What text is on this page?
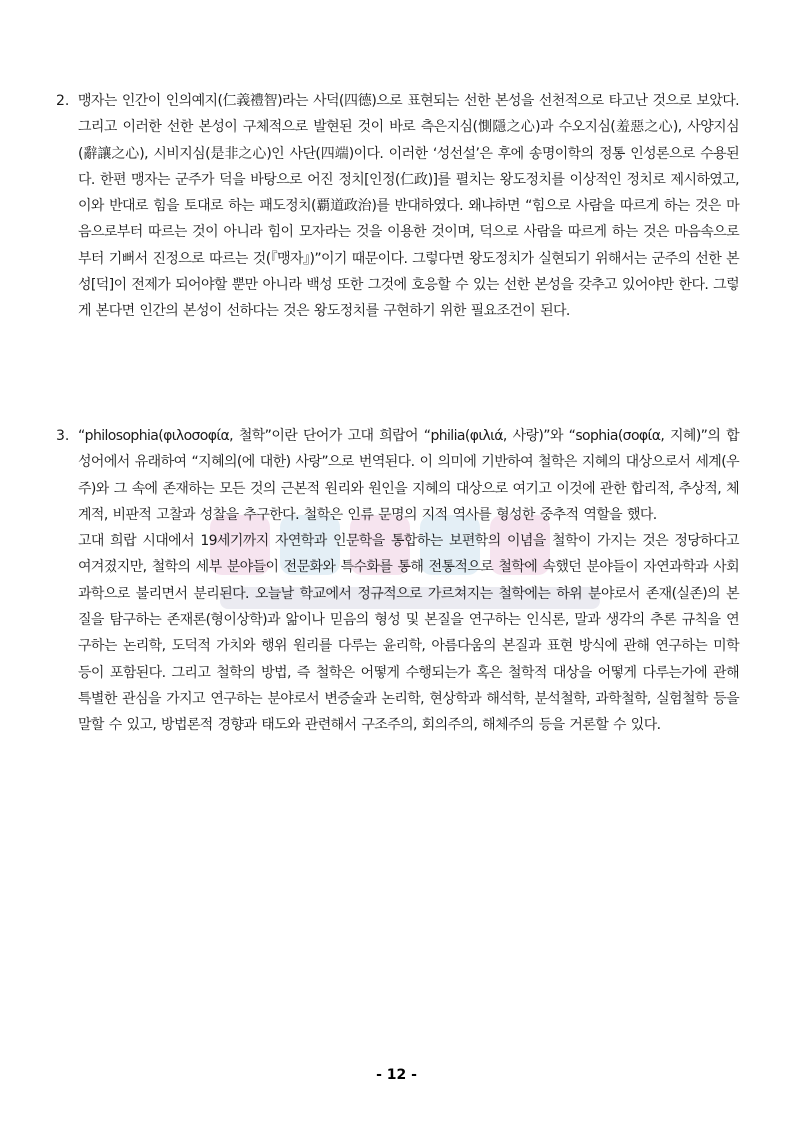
2. 맹자는 인간이 인의예지(仁義禮智)라는 사덕(四德)으로 표현되는 선한 본성을 선천적으로 타고난 것으로 보았다. 그리고 이러한 선한 본성이 구체적으로 발현된 것이 바로 측은지심(惻隱之心)과 수오지심(羞惡之心), 사양지심(辭讓之心), 시비지심(是非之心)인 사단(四端)이다. 이러한 ‘성선설’은 후에 송명이학의 정통 인성론으로 수용된다. 한편 맹자는 군주가 덕을 바탕으로 어진 정치[인정(仁政)]를 펼치는 왕도정치를 이상적인 정치로 제시하였고, 이와 반대로 힘을 토대로 하는 패도정치(覇道政治)를 반대하였다. 왜냐하면 “힘으로 사람을 따르게 하는 것은 마음으로부터 따르는 것이 아니라 힘이 모자라는 것을 이용한 것이며, 덕으로 사람을 따르게 하는 것은 마음속으로부터 기뻐서 진정으로 따르는 것(『맹자』)”이기 때문이다. 그렇다면 왕도정치가 실현되기 위해서는 군주의 선한 본성[덕]이 전제가 되어야할 뿐만 아니라 백성 또한 그것에 호응할 수 있는 선한 본성을 갖추고 있어야만 한다. 그렇게 본다면 인간의 본성이 선하다는 것은 왕도정치를 구현하기 위한 필요조건이 된다.

3. “philosophia(φιλοσοφία, 철학”이란 단어가 고대 희랍어 “philia(φιλιά, 사랑)”와 “sophia(σοφία, 지혜)”의 합성어에서 유래하여 “지혜의(에 대한) 사랑”으로 번역된다. 이 의미에 기반하여 철학은 지혜의 대상으로서 세계(우주)와 그 속에 존재하는 모든 것의 근본적 원리와 원인을 지혜의 대상으로 여기고 이것에 관한 합리적, 추상적, 체계적, 비판적 고찰과 성찰을 추구한다. 철학은 인류 문명의 지적 역사를 형성한 중추적 역할을 했다.

고대 희랍 시대에서 19세기까지 자연학과 인문학을 통합하는 보편학의 이념을 철학이 가지는 것은 정당하다고 여겨졌지만, 철학의 세부 분야들이 전문화와 특수화를 통해 전통적으로 철학에 속했던 분야들이 자연과학과 사회과학으로 불리면서 분리된다. 오늘날 학교에서 정규적으로 가르쳐지는 철학에는 하위 분야로서 존재(실존)의 본질을 탐구하는 존재론(형이상학)과 앎이나 믿음의 형성 및 본질을 연구하는 인식론, 말과 생각의 추론 규칙을 연구하는 논리학, 도덕적 가치와 행위 원리를 다루는 윤리학, 아름다움의 본질과 표현 방식에 관해 연구하는 미학 등이 포함된다. 그리고 철학의 방법, 즉 철학은 어떻게 수행되는가 혹은 철학적 대상을 어떻게 다루는가에 관해 특별한 관심을 가지고 연구하는 분야로서 변증술과 논리학, 현상학과 해석학, 분석철학, 과학철학, 실험철학 등을 말할 수 있고, 방법론적 경향과 태도와 관련해서 구조주의, 회의주의, 해체주의 등을 거론할 수 있다.

- 12 -
